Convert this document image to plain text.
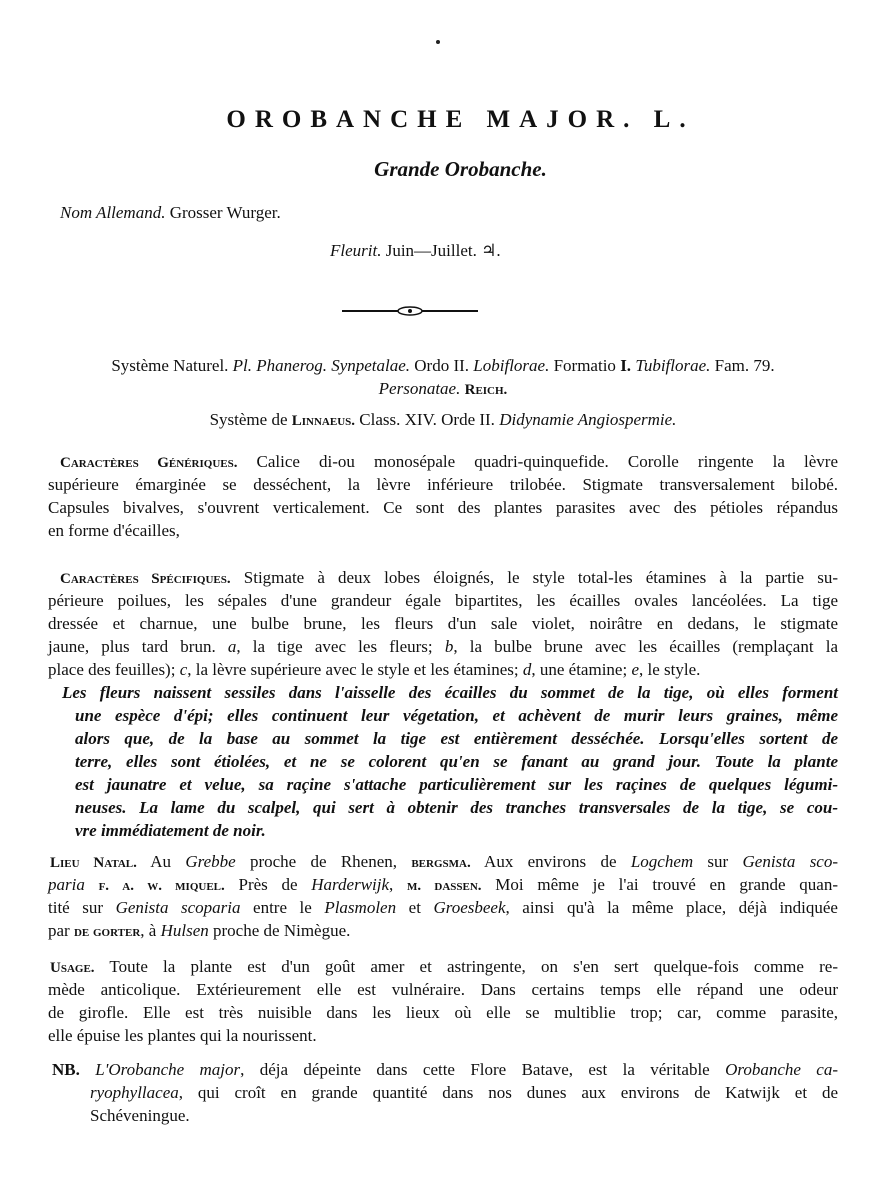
OROBANCHE MAJOR. L.
Grande Orobanche.
Nom Allemand. Grosser Wurger.
Fleurit. Juin—Juillet. ♃.
Système Naturel. Pl. Phanerog. Synpetalae. Ordo II. Lobiflorae. Formatio I. Tubiflorae. Fam. 79.
Personatae. Reich.
Système de Linnaeus. Class. XIV. Orde II. Didynamie Angiospermie.
Caractères Génériques. Calice di-ou monosépale quadri-quinquefide. Corolle ringente la lèvre
supérieure émarginée se desséchent, la lèvre inférieure trilobée. Stigmate transversalement bilobé.
Capsules bivalves, s'ouvrent verticalement. Ce sont des plantes parasites avec des pétioles répandus
en forme d'écailles,
Caractères Spécifiques. Stigmate à deux lobes éloignés, le style total-les étamines à la partie su-
périeure poilues, les sépales d'une grandeur égale bipartites, les écailles ovales lancéolées. La tige
dressée et charnue, une bulbe brune, les fleurs d'un sale violet, noirâtre en dedans, le stigmate
jaune, plus tard brun. a, la tige avec les fleurs; b, la bulbe brune avec les écailles (remplaçant la
place des feuilles); c, la lèvre supérieure avec le style et les étamines; d, une étamine; e, le style.
Les fleurs naissent sessiles dans l'aisselle des écailles du sommet de la tige, où elles forment
une espèce d'épi; elles continuent leur végetation, et achèvent de murir leurs graines, même
alors que, de la base au sommet la tige est entièrement desséchée. Lorsqu'elles sortent de
terre, elles sont étiolées, et ne se colorent qu'en se fanant au grand jour. Toute la plante
est jaunatre et velue, sa raçine s'attache particulièrement sur les raçines de quelques légumi-
neuses. La lame du scalpel, qui sert à obtenir des tranches transversales de la tige, se cou-
vre immédiatement de noir.
Lieu Natal. Au Grebbe proche de Rhenen, bergsma. Aux environs de Logchem sur Genista sco-
paria f. a. w. miquel. Près de Harderwijk, m. dassen. Moi même je l'ai trouvé en grande quan-
tité sur Genista scoparia entre le Plasmolen et Groesbeek, ainsi qu'à la même place, déjà indiquée
par de gorter, à Hulsen proche de Nimègue.
Usage. Toute la plante est d'un goût amer et astringente, on s'en sert quelque-fois comme re-
mède anticolique. Extérieurement elle est vulnéraire. Dans certains temps elle répand une odeur
de girofle. Elle est très nuisible dans les lieux où elle se multiblie trop; car, comme parasite,
elle épuise les plantes qui la nourissent.
NB. L'Orobanche major, déja dépeinte dans cette Flore Batave, est la véritable Orobanche ca-
ryophyllacea, qui croît en grande quantité dans nos dunes aux environs de Katwijk et de
Schéveningue.
